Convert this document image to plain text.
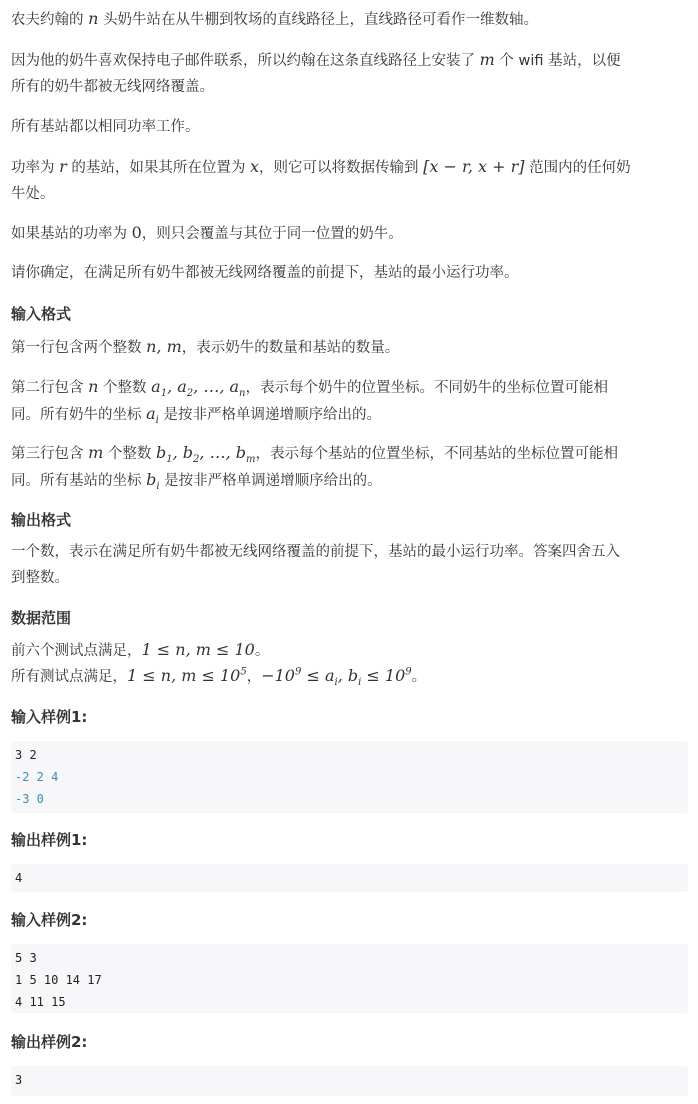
农夫约翰的 n 头奶牛站在从牛棚到牧场的直线路径上，直线路径可看作一维数轴。

因为他的奶牛喜欢保持电子邮件联系，所以约翰在这条直线路径上安装了 m 个 wifi 基站，以便
所有的奶牛都被无线网络覆盖。

所有基站都以相同功率工作。

功率为 r 的基站，如果其所在位置为 x，则它可以将数据传输到 [x − r, x + r] 范围内的任何奶
牛处。

如果基站的功率为 0，则只会覆盖与其位于同一位置的奶牛。

请你确定，在满足所有奶牛都被无线网络覆盖的前提下，基站的最小运行功率。

输入格式

第一行包含两个整数 n, m，表示奶牛的数量和基站的数量。

第二行包含 n 个整数 $a_1$, $a_2$, …, $a_n$，表示每个奶牛的位置坐标。不同奶牛的坐标位置可能相
同。所有奶牛的坐标 $a_i$ 是按非严格单调递增顺序给出的。

第三行包含 m 个整数 $b_1$, $b_2$, …, $b_m$，表示每个基站的位置坐标，不同基站的坐标位置可能相
同。所有基站的坐标 $b_i$ 是按非严格单调递增顺序给出的。

输出格式

一个数，表示在满足所有奶牛都被无线网络覆盖的前提下，基站的最小运行功率。答案四舍五入
到整数。

数据范围

前六个测试点满足，1 ≤ n, m ≤ 10。

所有测试点满足，1 ≤ n, $m \le 10^5$，$-10^9 \le a_i$, $b_i \le 10^9$。

输入样例1:
3 2
-2 2 4
-3 0
输出样例1:
4
输入样例2:
5 3
1 5 10 14 17
4 11 15
输出样例2:
3
